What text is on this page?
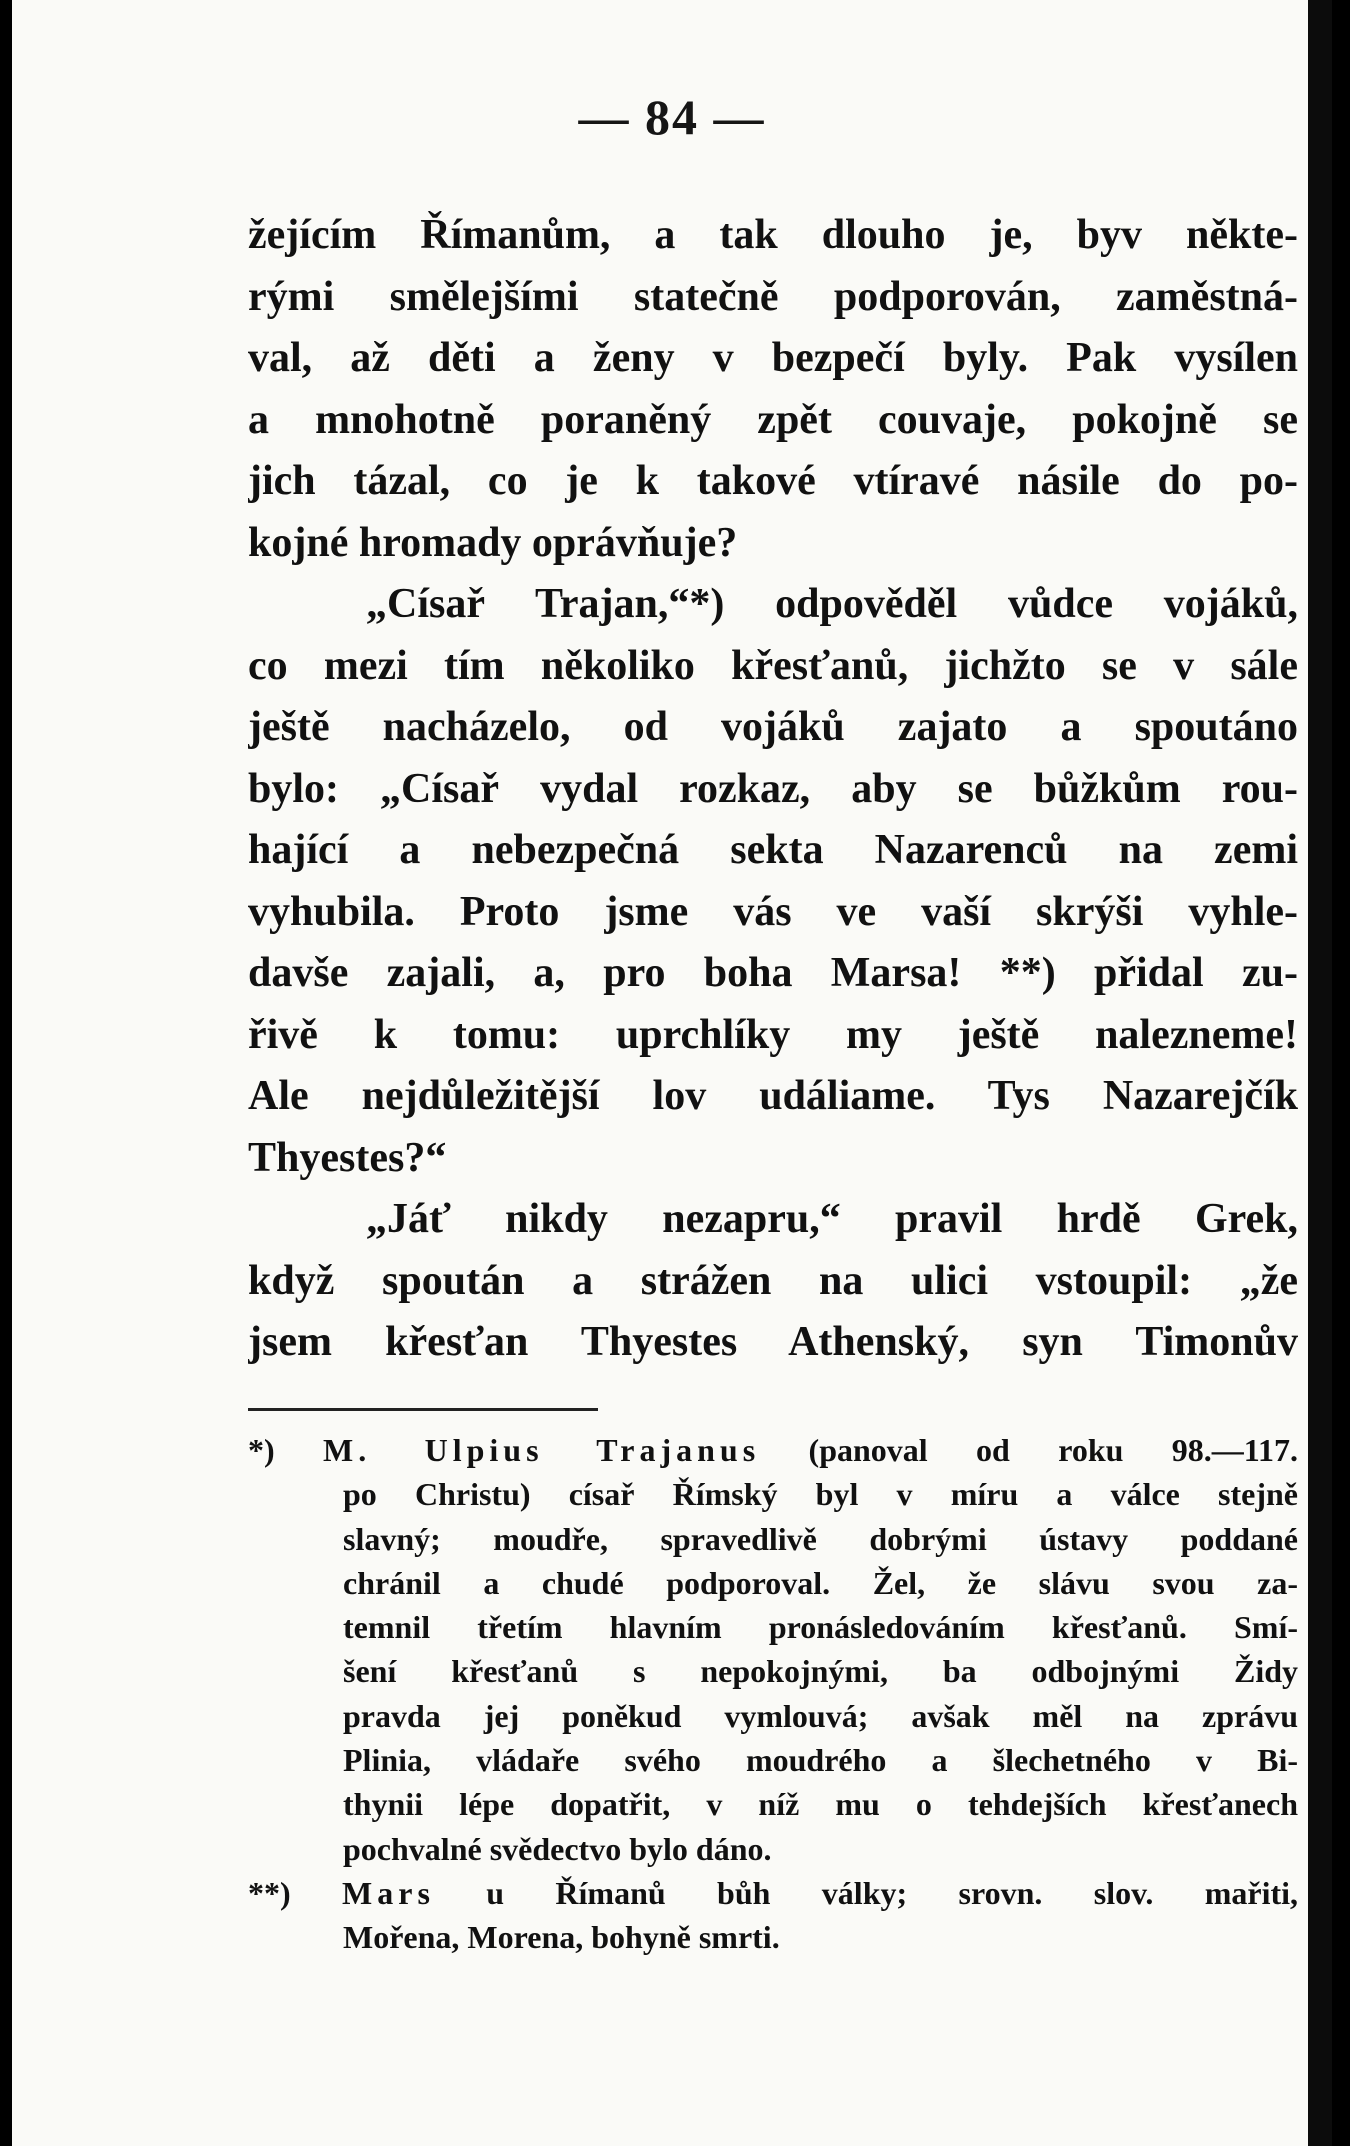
— 84 —
žejícím Římanům, a tak dlouho je, byv někte-
rými smělejšími statečně podporován, zaměstná-
val, až děti a ženy v bezpečí byly. Pak vysílen
a mnohotně poraněný zpět couvaje, pokojně se
jich tázal, co je k takové vtíravé násile do po-
kojné hromady oprávňuje?
„Císař Trajan,“*) odpověděl vůdce vojáků,
co mezi tím několiko křesťanů, jichžto se v sále
ještě nacházelo, od vojáků zajato a spoutáno
bylo: „Císař vydal rozkaz, aby se bůžkům rou-
hající a nebezpečná sekta Nazarenců na zemi
vyhubila. Proto jsme vás ve vaší skrýši vyhle-
davše zajali, a, pro boha Marsa! **) přidal zu-
řivě k tomu: uprchlíky my ještě nalezneme!
Ale nejdůležitější lov událiame. Tys Nazarejčík
Thyestes?“
„Jáť nikdy nezapru,“ pravil hrdě Grek,
když spoután a strážen na ulici vstoupil: „že
jsem křesťan Thyestes Athenský, syn Timonův
*) M. Ulpius Trajanus (panoval od roku 98.—117.
po Christu) císař Římský byl v míru a válce stejně
slavný; moudře, spravedlivě dobrými ústavy poddané
chránil a chudé podporoval. Žel, že slávu svou za-
temnil třetím hlavním pronásledováním křesťanů. Smí-
šení křesťanů s nepokojnými, ba odbojnými Židy
pravda jej poněkud vymlouvá; avšak měl na zprávu
Plinia, vládaře svého moudrého a šlechetného v Bi-
thynii lépe dopatřit, v níž mu o tehdejších křesťanech
pochvalné svědectvo bylo dáno.
**) Mars u Římanů bůh války; srovn. slov. mařiti,
Mořena, Morena, bohyně smrti.
